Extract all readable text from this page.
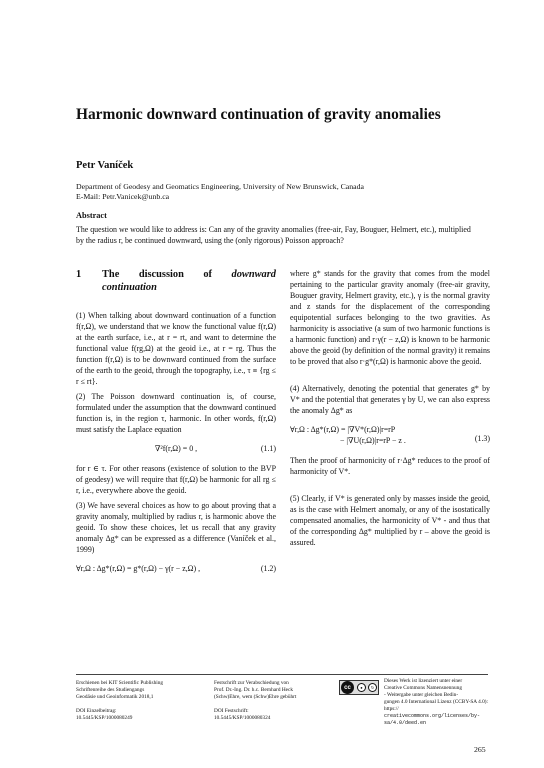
Harmonic downward continuation of gravity anomalies
Petr Vaníček
Department of Geodesy and Geomatics Engineering, University of New Brunswick, Canada
E-Mail: Petr.Vanicek@unb.ca
Abstract
The question we would like to address is: Can any of the gravity anomalies (free-air, Fay, Bouguer, Helmert, etc.), multiplied by the radius r, be continued downward, using the (only rigorous) Poisson approach?
1	The discussion of downward continuation

(1) When talking about downward continuation of a function f(r,Ω), we understand that we know the functional value f(r,Ω) at the earth surface, i.e., at r = rt, and want to determine the functional value f(rg,Ω) at the geoid i.e., at r = rg. Thus the function f(r,Ω) is to be downward continued from the surface of the earth to the geoid, through the topography, i.e., τ ≡ {rg ≤ r ≤ rt}.

(2) The Poisson downward continuation is, of course, formulated under the assumption that the downward continued function is, in the region τ, harmonic. In other words, f(r,Ω) must satisfy the Laplace equation

∇²f(r,Ω) = 0 ,	(1.1)

for r ∈ τ. For other reasons (existence of solution to the BVP of geodesy) we will require that f(r,Ω) be harmonic for all rg ≤ r, i.e., everywhere above the geoid.

(3) We have several choices as how to go about proving that a gravity anomaly, multiplied by radius r, is harmonic above the geoid. To show these choices, let us recall that any gravity anomaly Δg* can be expressed as a difference (Vaníček et al., 1999)

∀r,Ω : Δg*(r,Ω) = g*(r,Ω) − γ(r − z,Ω) ,	(1.2)

where g* stands for the gravity that comes from the model pertaining to the particular gravity anomaly (free-air gravity, Bouguer gravity, Helmert gravity, etc.), γ is the normal gravity and z stands for the displacement of the corresponding equipotential surfaces belonging to the two gravities. As harmonicity is associative (a sum of two harmonic functions is a harmonic function) and r·γ(r − z,Ω) is known to be harmonic above the geoid (by definition of the normal gravity) it remains to be proved that also r·g*(r,Ω) is harmonic above the geoid.

(4) Alternatively, denoting the potential that generates g* by V* and the potential that generates γ by U, we can also express the anomaly Δg* as

∀r,Ω : Δg*(r,Ω) = |∇V*(r,Ω)|r=rP
− |∇U(r,Ω)|r=rP − z .	(1.3)

Then the proof of harmonicity of r·Δg* reduces to the proof of harmonicity of V*.

(5) Clearly, if V* is generated only by masses inside the geoid, as is the case with Helmert anomaly, or any of the isostatically compensated anomalies, the harmonicity of V* - and thus that of the corresponding Δg* multiplied by r – above the geoid is assured.

Erschienen bei KIT Scientific Publishing
Schriftenreihe des Studiengangs
Geodäsie und Geoinformatik 2018,1

DOI Einzelbeitrag:
10.5445/KSP/1000080249
Festschrift zur Verabschiedung von
Prof. Dr.-Ing. Dr. h.c. Bernhard Heck
(Schw)Ehre, wem (Schw)Ehre gebührt

DOI Festschrift:
10.5445/KSP/1000080324
cc	●	↻
Dieses Werk ist lizenziert unter einer
Creative Commons Namensnennung
- Weitergabe unter gleichen Bedin-
gungen 4.0 International Lizenz (CCBY-SA 4.0): https://
creativecommons.org/licenses/by-sa/4.0/deed.en
265
